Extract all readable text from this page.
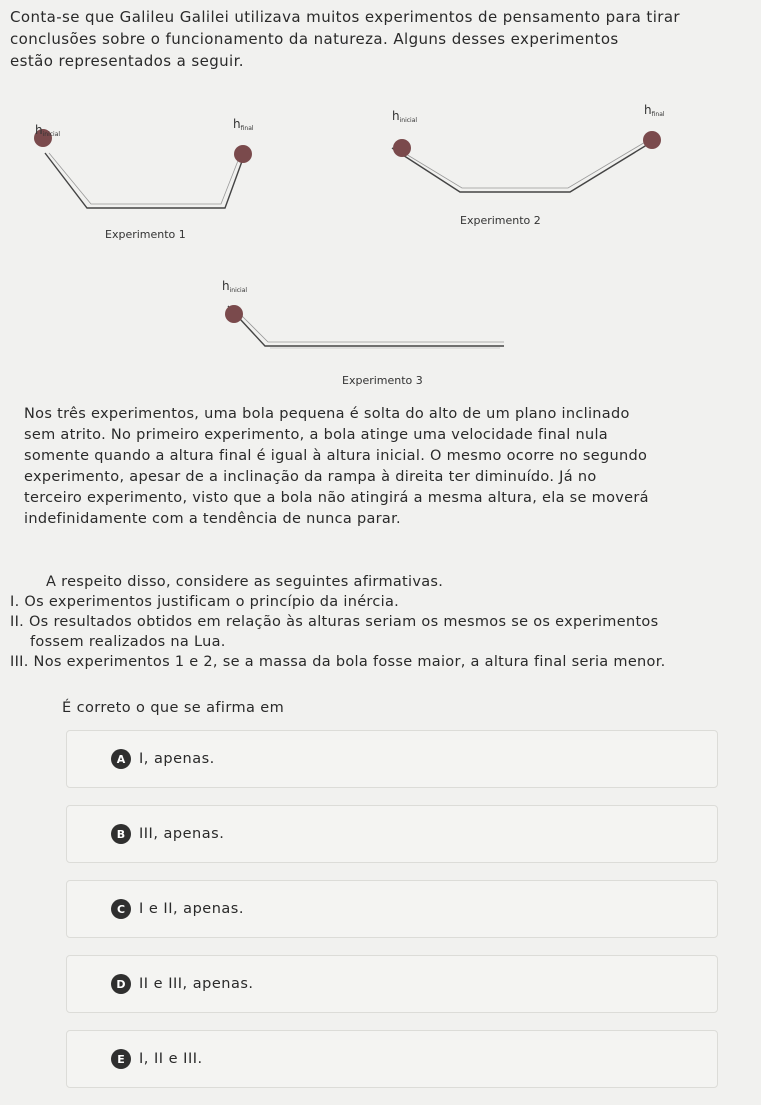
Conta-se que Galileu Galilei utilizava muitos experimentos de pensamento para tirar

conclusões sobre o funcionamento da natureza. Alguns desses experimentos

estão representados a seguir.

hinicial
hfinal
Experimento 1
hinicial
hfinal
Experimento 2
hinicial
Experimento 3

Nos três experimentos, uma bola pequena é solta do alto de um plano inclinado

sem atrito. No primeiro experimento, a bola atinge uma velocidade final nula

somente quando a altura final é igual à altura inicial. O mesmo ocorre no segundo

experimento, apesar de a inclinação da rampa à direita ter diminuído. Já no

terceiro experimento, visto que a bola não atingirá a mesma altura, ela se moverá

indefinidamente com a tendência de nunca parar.

A respeito disso, considere as seguintes afirmativas.

I. Os experimentos justificam o princípio da inércia.

II. Os resultados obtidos em relação às alturas seriam os mesmos se os experimentos

fossem realizados na Lua.

III. Nos experimentos 1 e 2, se a massa da bola fosse maior, a altura final seria menor.

É correto o que se afirma em
A I, apenas.
B III, apenas.
C I e II, apenas.
D II e III, apenas.
E I, II e III.
